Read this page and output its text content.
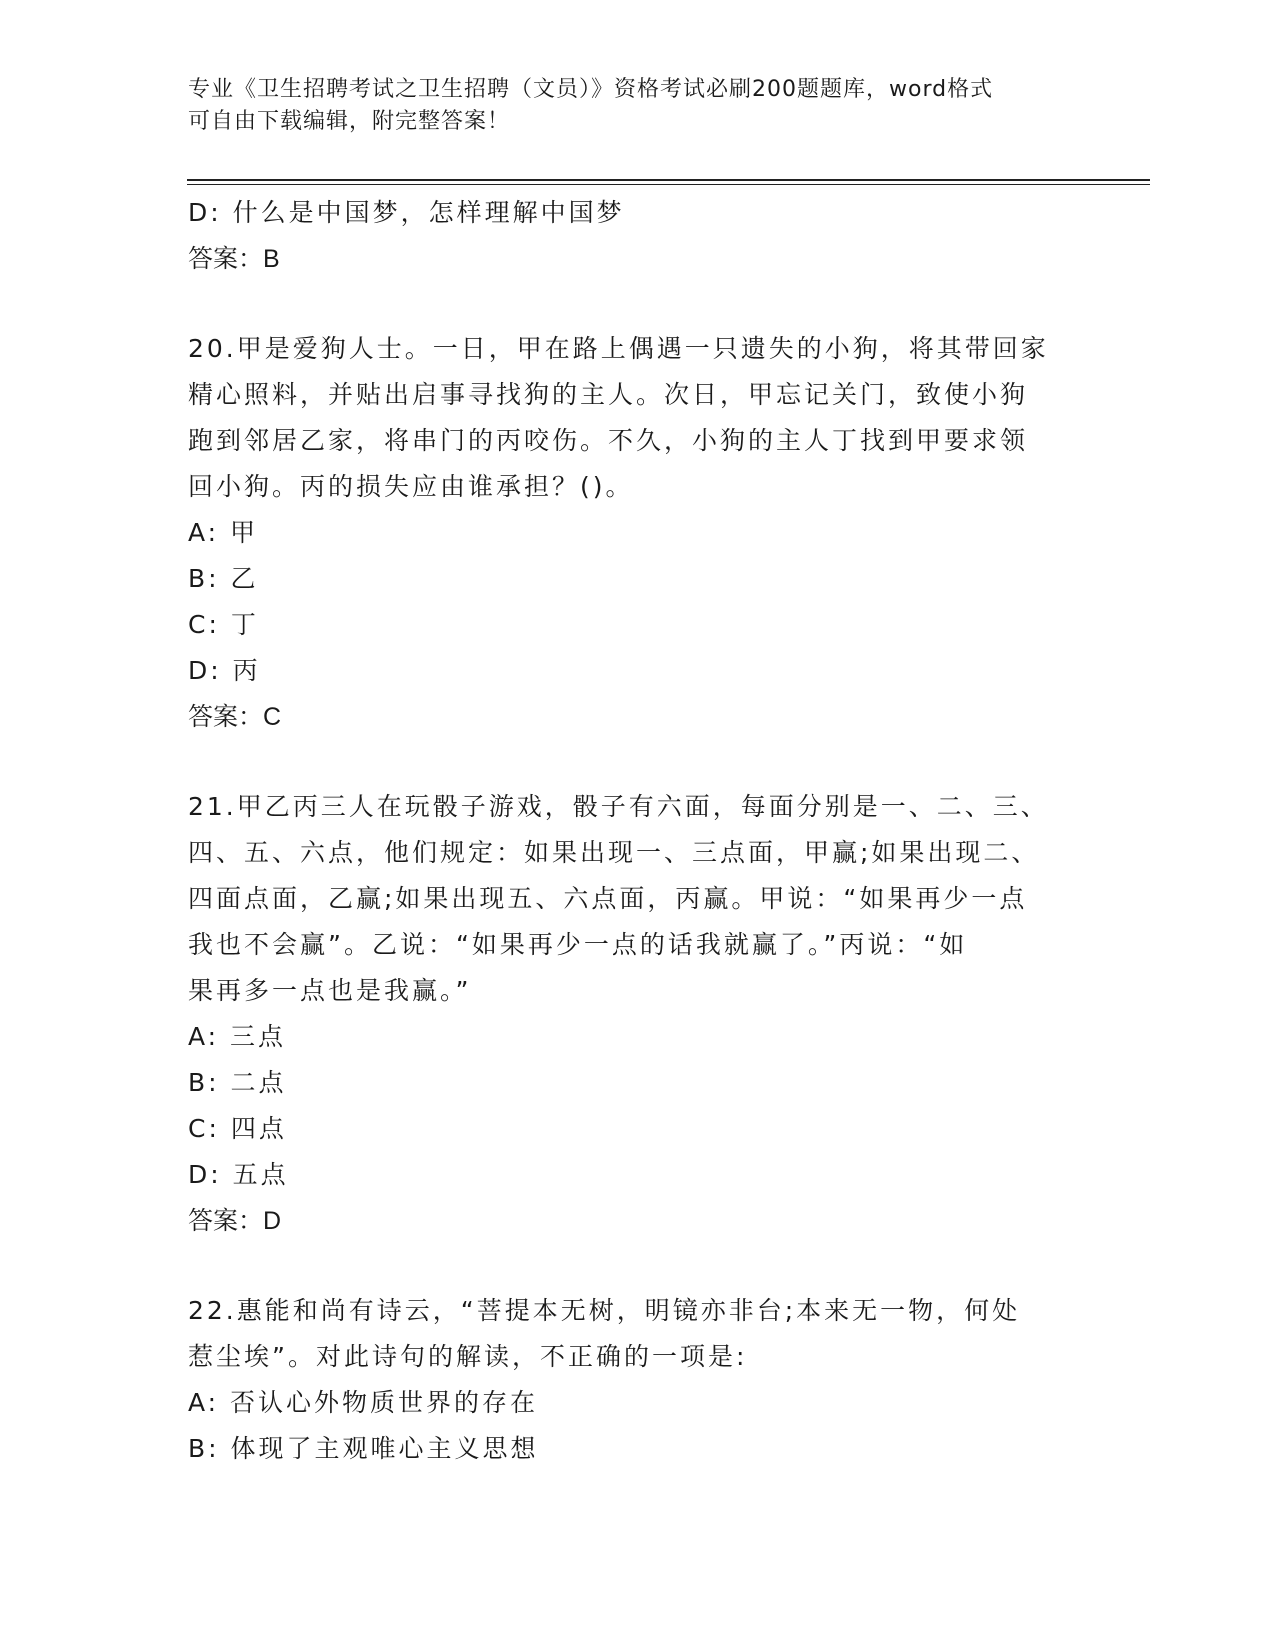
专业《卫生招聘考试之卫生招聘（文员）》资格考试必刷200题题库，word格式
可自由下载编辑，附完整答案！
D: 什么是中国梦，怎样理解中国梦
答案：B
20.甲是爱狗人士。一日，甲在路上偶遇一只遗失的小狗，将其带回家
精心照料，并贴出启事寻找狗的主人。次日，甲忘记关门，致使小狗
跑到邻居乙家，将串门的丙咬伤。不久，小狗的主人丁找到甲要求领
回小狗。丙的损失应由谁承担？()。
A: 甲
B: 乙
C: 丁
D: 丙
答案：C
21.甲乙丙三人在玩骰子游戏，骰子有六面，每面分别是一、二、三、
四、五、六点，他们规定：如果出现一、三点面，甲赢;如果出现二、
四面点面，乙赢;如果出现五、六点面，丙赢。甲说：“如果再少一点
我也不会赢”。乙说：“如果再少一点的话我就赢了。”丙说：“如
果再多一点也是我赢。”
A: 三点
B: 二点
C: 四点
D: 五点
答案：D
22.惠能和尚有诗云，“菩提本无树，明镜亦非台;本来无一物，何处
惹尘埃”。对此诗句的解读，不正确的一项是:
A: 否认心外物质世界的存在
B: 体现了主观唯心主义思想
